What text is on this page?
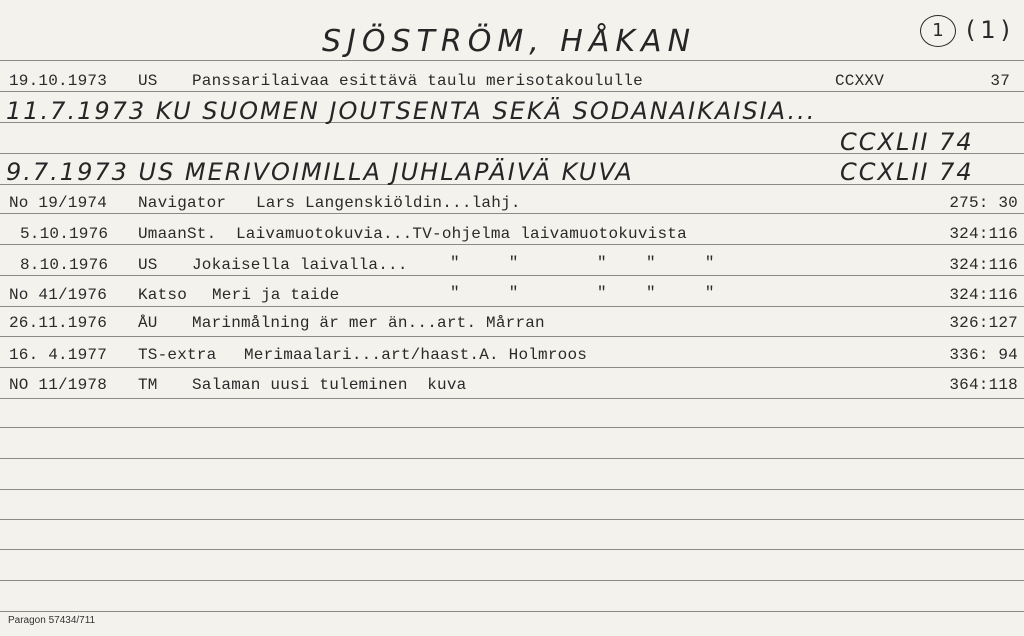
SJÖSTRÖM, HÅKAN	1 (1)
19.10.1973 US Panssarilaivaa esittävä taulu merisotakoululle	CCXXV	37
11.7.1973 KU SUOMEN JOUTSENTA SEKÄ SODANAIKAISIA...
CCXLII 74
9.7.1973 US MERIVOIMILLA JUHLAPÄIVÄ KUVA	CCXLII 74
No 19/1974 Navigator Lars Langenskiöldin...lahj.	275: 30
5.10.1976 UmaanSt. Laivamuotokuvia...TV-ohjelma laivamuotokuvista	324:116
8.10.1976 US Jokaisella laivalla...	"     "        "    "     "	324:116
No 41/1976 Katso Meri ja taide	"     "        "    "     "	324:116
26.11.1976 ÅU Marinmålning är mer än...art. Mårran	326:127
16. 4.1977 TS-extra Merimaalari...art/haast.A. Holmroos	336: 94
NO 11/1978 TM Salaman uusi tuleminen  kuva	364:118
Paragon 57434/711
